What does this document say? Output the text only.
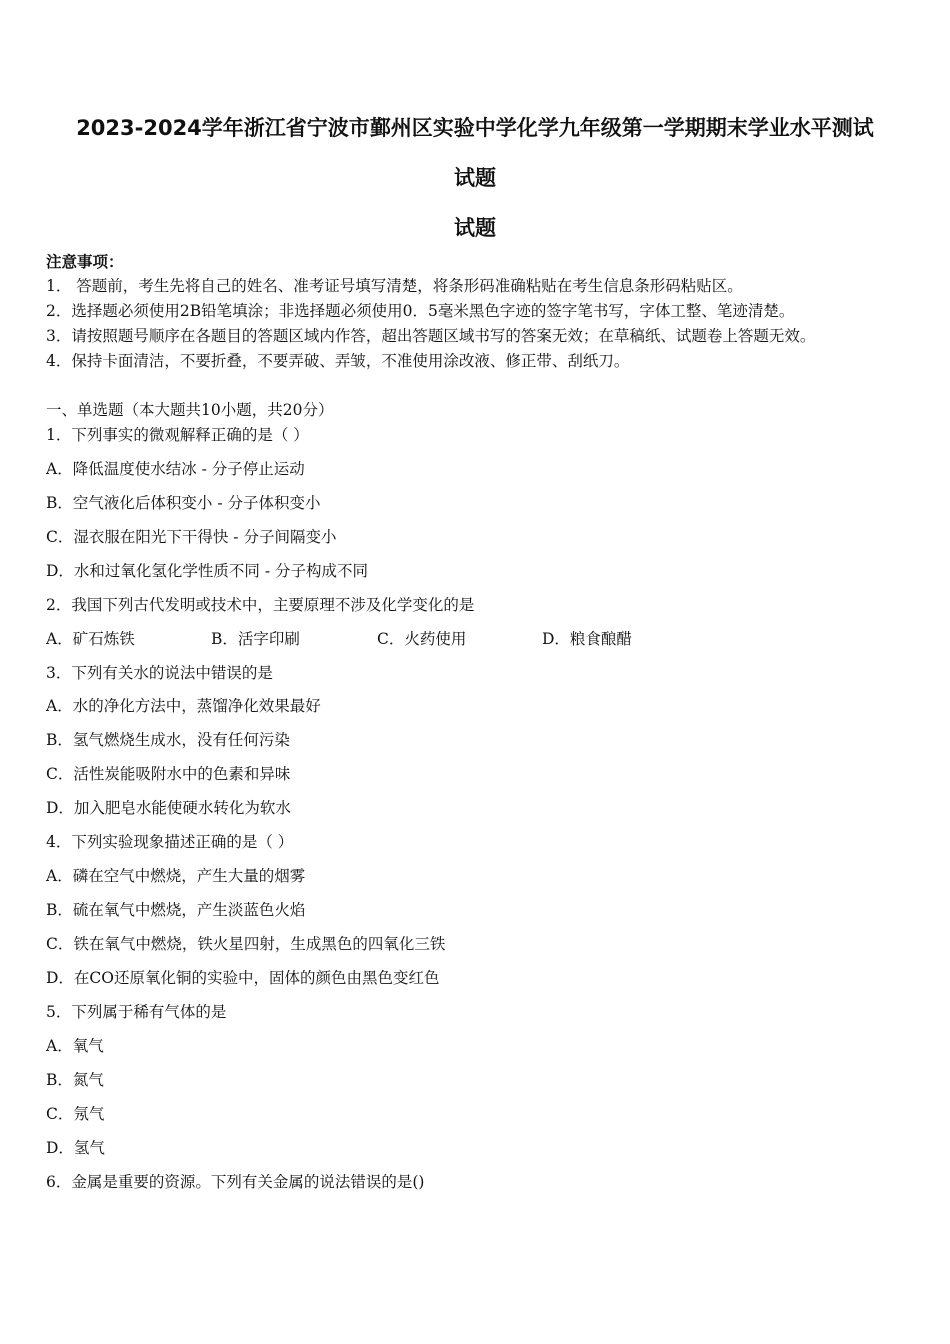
2023-2024学年浙江省宁波市鄞州区实验中学化学九年级第一学期期末学业水平测试
试题
试题
注意事项：
1． 答题前，考生先将自己的姓名、准考证号填写清楚，将条形码准确粘贴在考生信息条形码粘贴区。
2．选择题必须使用2B铅笔填涂；非选择题必须使用0．5毫米黑色字迹的签字笔书写，字体工整、笔迹清楚。
3．请按照题号顺序在各题目的答题区域内作答，超出答题区域书写的答案无效；在草稿纸、试题卷上答题无效。
4．保持卡面清洁，不要折叠，不要弄破、弄皱，不准使用涂改液、修正带、刮纸刀。
一、单选题（本大题共10小题，共20分）
1．下列事实的微观解释正确的是（ ）
A．降低温度使水结冰 - 分子停止运动
B．空气液化后体积变小 - 分子体积变小
C．湿衣服在阳光下干得快 - 分子间隔变小
D．水和过氧化氢化学性质不同 - 分子构成不同
2．我国下列古代发明或技术中，主要原理不涉及化学变化的是
A．矿石炼铁	B．活字印刷	C．火药使用	D．粮食酿醋
3．下列有关水的说法中错误的是
A．水的净化方法中，蒸馏净化效果最好
B．氢气燃烧生成水，没有任何污染
C．活性炭能吸附水中的色素和异味
D．加入肥皂水能使硬水转化为软水
4．下列实验现象描述正确的是（ ）
A．磷在空气中燃烧，产生大量的烟雾
B．硫在氧气中燃烧，产生淡蓝色火焰
C．铁在氧气中燃烧，铁火星四射，生成黑色的四氧化三铁
D．在CO还原氧化铜的实验中，固体的颜色由黑色变红色
5．下列属于稀有气体的是
A．氧气
B．氮气
C．氖气
D．氢气
6．金属是重要的资源。下列有关金属的说法错误的是()
